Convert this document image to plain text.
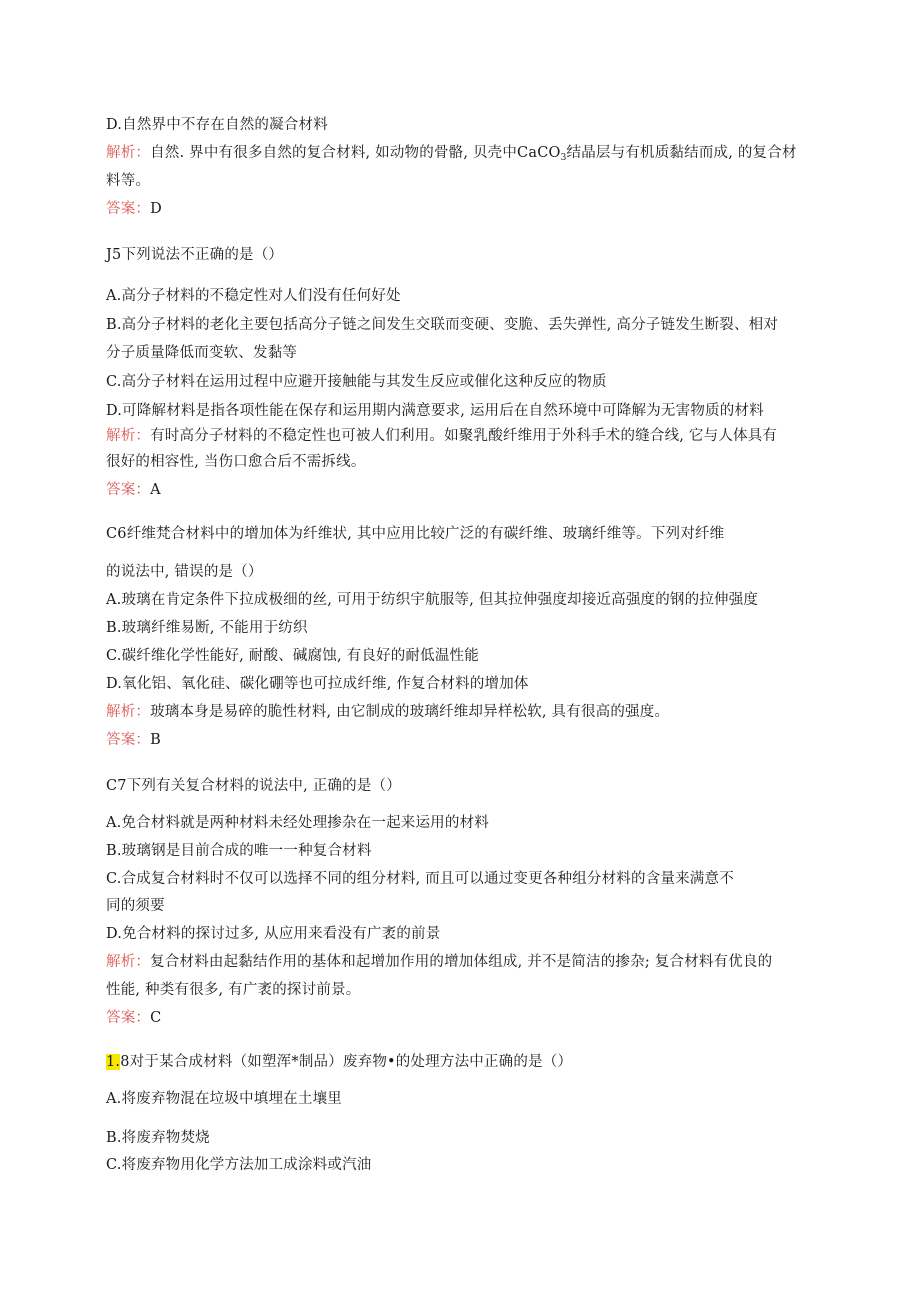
D.自然界中不存在自然的凝合材料
解析：自然. 界中有很多自然的复合材料, 如动物的骨骼, 贝壳中CaCO$_3$结晶层与有机质黏结而成, 的复合材
料等。
答案：D
J5下列说法不正确的是（）
A.高分子材料的不稳定性对人们没有任何好处
B.高分子材料的老化主要包括高分子链之间发生交联而变硬、变脆、丢失弹性, 高分子链发生断裂、相对
分子质量降低而变软、发黏等
C.高分子材料在运用过程中应避开接触能与其发生反应或催化这种反应的物质
D.可降解材料是指各项性能在保存和运用期内满意要求, 运用后在自然环境中可降解为无害物质的材料
解析：有时高分子材料的不稳定性也可被人们利用。如聚乳酸纤维用于外科手术的缝合线, 它与人体具有
很好的相容性, 当伤口愈合后不需拆线。
答案：A
C6纤维梵合材料中的增加体为纤维状, 其中应用比较广泛的有碳纤维、玻璃纤维等。下列对纤维
的说法中, 错误的是（）
A.玻璃在肯定条件下拉成极细的丝, 可用于纺织宇航服等, 但其拉伸强度却接近高强度的钢的拉伸强度
B.玻璃纤维易断, 不能用于纺织
C.碳纤维化学性能好, 耐酸、碱腐蚀, 有良好的耐低温性能
D.氧化铝、氧化硅、碳化硼等也可拉成纤维, 作复合材料的增加体
解析：玻璃本身是易碎的脆性材料, 由它制成的玻璃纤维却异样松软, 具有很高的强度。
答案：B
C7下列有关复合材料的说法中, 正确的是（）
A.免合材料就是两种材料未经处理掺杂在一起来运用的材料
B.玻璃钢是目前合成的唯一一种复合材料
C.合成复合材料时不仅可以选择不同的组分材料, 而且可以通过变更各种组分材料的含量来满意不
同的须要
D.免合材料的探讨过多, 从应用来看没有广袤的前景
解析：复合材料由起黏结作用的基体和起增加作用的增加体组成, 并不是简洁的掺杂; 复合材料有优良的
性能, 种类有很多, 有广袤的探讨前景。
答案：C
1.8对于某合成材料（如塑浑*制品）废弃物•的处理方法中正确的是（）
A.将废弃物混在垃圾中填埋在土壤里
B.将废弃物焚烧
C.将废弃物用化学方法加工成涂料或汽油
